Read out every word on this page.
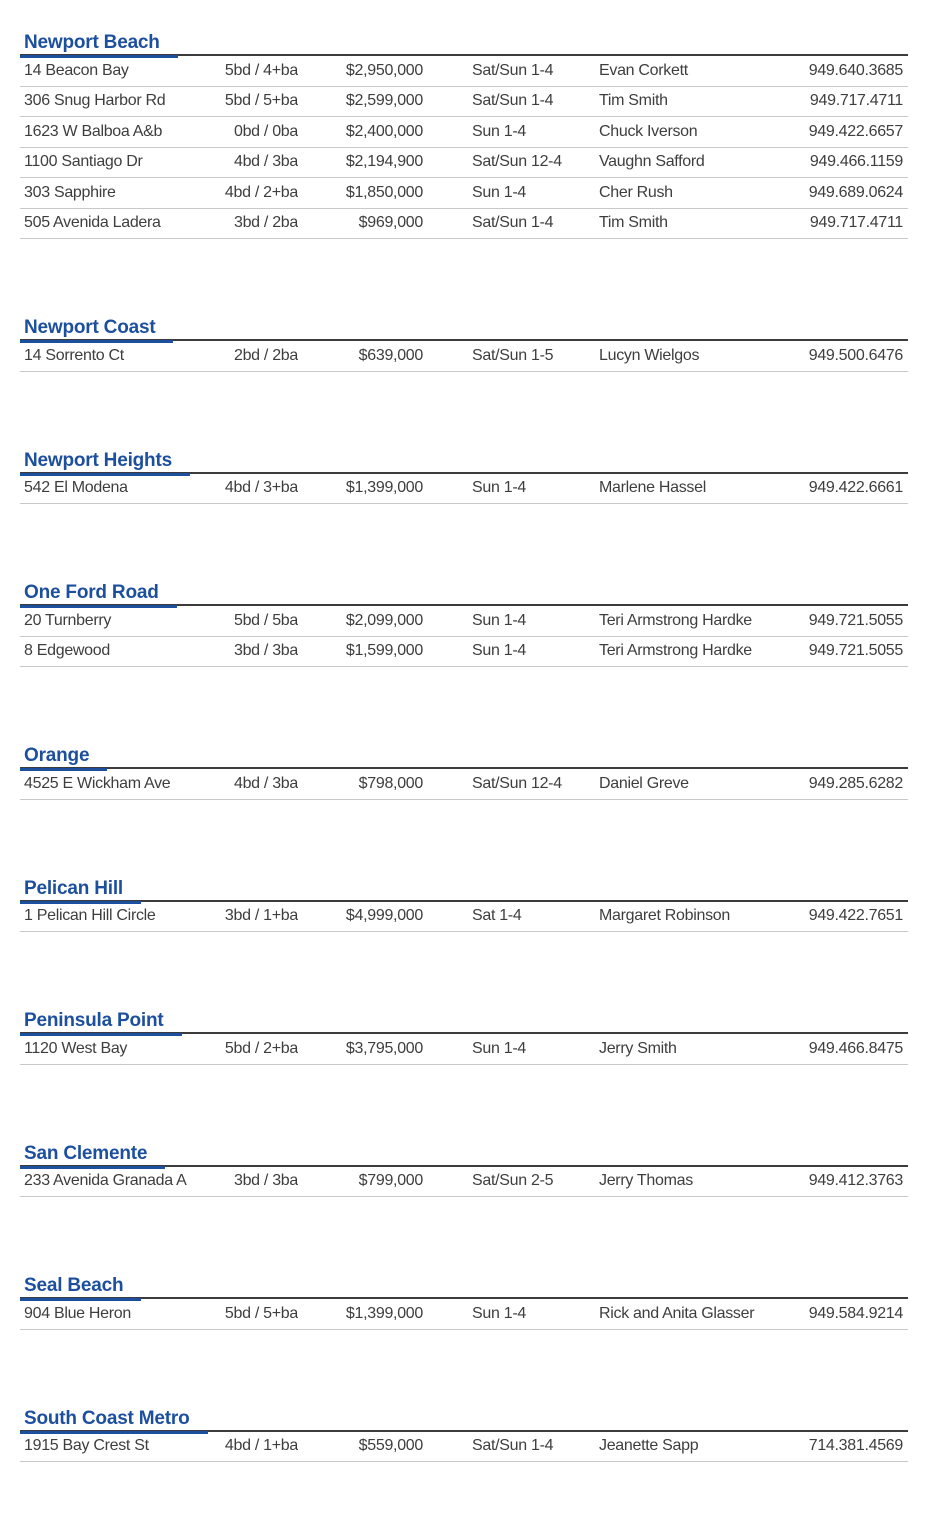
Newport Beach
14 Beacon Bay	5bd / 4+ba	$2,950,000	Sat/Sun 1-4	Evan Corkett	949.640.3685
306 Snug Harbor Rd	5bd / 5+ba	$2,599,000	Sat/Sun 1-4	Tim Smith	949.717.4711
1623 W Balboa A&b	0bd / 0ba	$2,400,000	Sun 1-4	Chuck Iverson	949.422.6657
1100 Santiago Dr	4bd / 3ba	$2,194,900	Sat/Sun 12-4	Vaughn Safford	949.466.1159
303 Sapphire	4bd / 2+ba	$1,850,000	Sun 1-4	Cher Rush	949.689.0624
505 Avenida Ladera	3bd / 2ba	$969,000	Sat/Sun 1-4	Tim Smith	949.717.4711
Newport Coast
14 Sorrento Ct	2bd / 2ba	$639,000	Sat/Sun 1-5	Lucyn Wielgos	949.500.6476
Newport Heights
542 El Modena	4bd / 3+ba	$1,399,000	Sun 1-4	Marlene Hassel	949.422.6661
One Ford Road
20 Turnberry	5bd / 5ba	$2,099,000	Sun 1-4	Teri Armstrong Hardke	949.721.5055
8 Edgewood	3bd / 3ba	$1,599,000	Sun 1-4	Teri Armstrong Hardke	949.721.5055
Orange
4525 E Wickham Ave	4bd / 3ba	$798,000	Sat/Sun 12-4	Daniel Greve	949.285.6282
Pelican Hill
1 Pelican Hill Circle	3bd / 1+ba	$4,999,000	Sat 1-4	Margaret Robinson	949.422.7651
Peninsula Point
1120 West Bay	5bd / 2+ba	$3,795,000	Sun 1-4	Jerry Smith	949.466.8475
San Clemente
233 Avenida Granada A	3bd / 3ba	$799,000	Sat/Sun 2-5	Jerry Thomas	949.412.3763
Seal Beach
904 Blue Heron	5bd / 5+ba	$1,399,000	Sun 1-4	Rick and Anita Glasser	949.584.9214
South Coast Metro
1915 Bay Crest St	4bd / 1+ba	$559,000	Sat/Sun 1-4	Jeanette Sapp	714.381.4569
